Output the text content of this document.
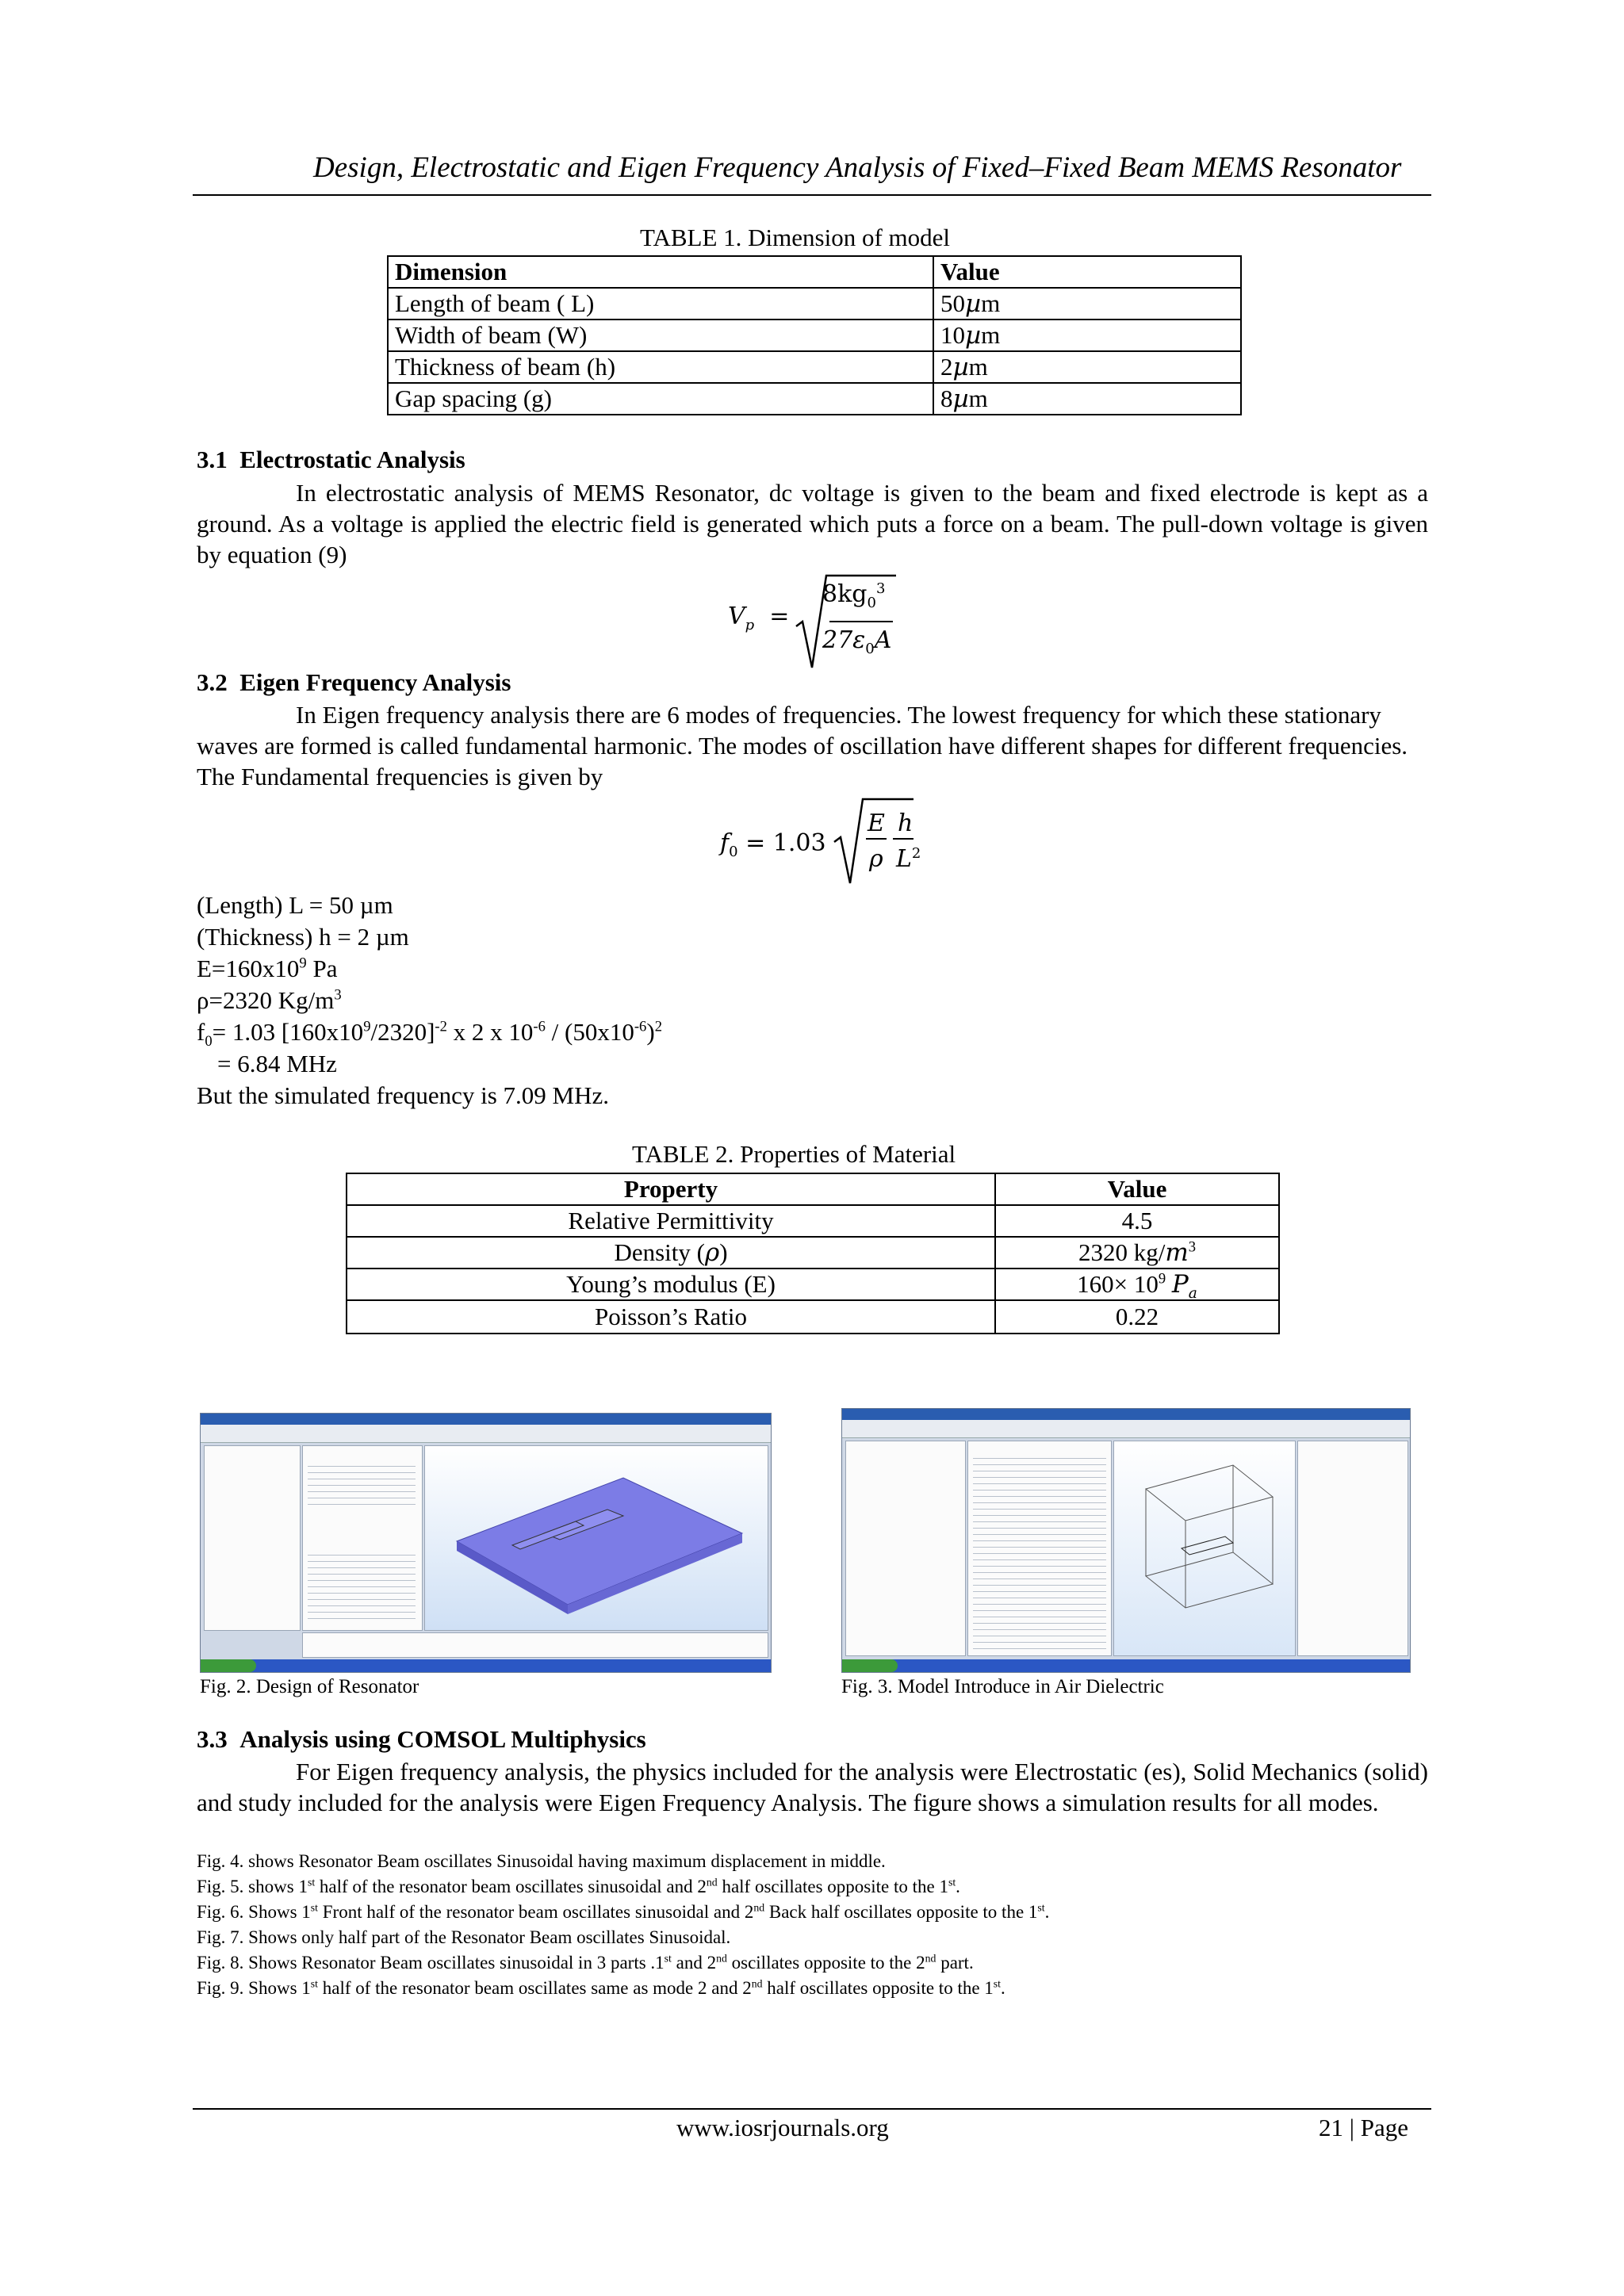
Design, Electrostatic and Eigen Frequency Analysis of Fixed–Fixed Beam MEMS Resonator
TABLE 1. Dimension of model
Dimension	Value
Length of beam ( L)	50µm
Width of beam (W)	10µm
Thickness of beam (h)	2µm
Gap spacing (g)	8µm
3.1 Electrostatic Analysis
In electrostatic analysis of MEMS Resonator, dc voltage is given to the beam and fixed electrode is kept as a ground. As a voltage is applied the electric field is generated which puts a force on a beam. The pull-down voltage is given by equation (9)
$V_p$  =
$8kg_0^3$
$27\varepsilon_0A$
3.2 Eigen Frequency Analysis
In Eigen frequency analysis there are 6 modes of frequencies. The lowest frequency for which these stationary waves are formed is called fundamental harmonic. The modes of oscillation have different shapes for different frequencies. The Fundamental frequencies is given by
$f_0 = 1.03$
E
ρ
h
$L^2$
(Length) L = 50 µm
(Thickness) h = 2 µm
$E=160x10^9$ Pa
ρ=2320 $Kg/m^3$
$f_0= 1.03$ $[160x10^9/2320]^{-2}$ x 2 x $10^{-6} / (50x10^{-6})^2$
= 6.84 MHz
But the simulated frequency is 7.09 MHz.
TABLE 2. Properties of Material
Property	Value
Relative Permittivity	4.5
Density (ρ)	2320 $kg/m^3$
Young’s modulus (E)	$160\times 10^9$ $P_a$
Poisson’s Ratio	0.22
Fig. 2. Design of Resonator	Fig. 3. Model Introduce in Air Dielectric
3.3 Analysis using COMSOL Multiphysics
For Eigen frequency analysis, the physics included for the analysis were Electrostatic (es), Solid Mechanics (solid) and study included for the analysis were Eigen Frequency Analysis. The figure shows a simulation results for all modes.
Fig. 4. shows Resonator Beam oscillates Sinusoidal having maximum displacement in middle.
Fig. 5. shows 1st half of the resonator beam oscillates sinusoidal and 2nd half oscillates opposite to the 1st.
Fig. 6. Shows 1st Front half of the resonator beam oscillates sinusoidal and 2nd Back half oscillates opposite to the 1st.
Fig. 7. Shows only half part of the Resonator Beam oscillates Sinusoidal.
Fig. 8. Shows Resonator Beam oscillates sinusoidal in 3 parts .1st and 2nd oscillates opposite to the 2nd part.
Fig. 9. Shows 1st half of the resonator beam oscillates same as mode 2 and 2nd half oscillates opposite to the 1st.
www.iosrjournals.org	21 | Page
